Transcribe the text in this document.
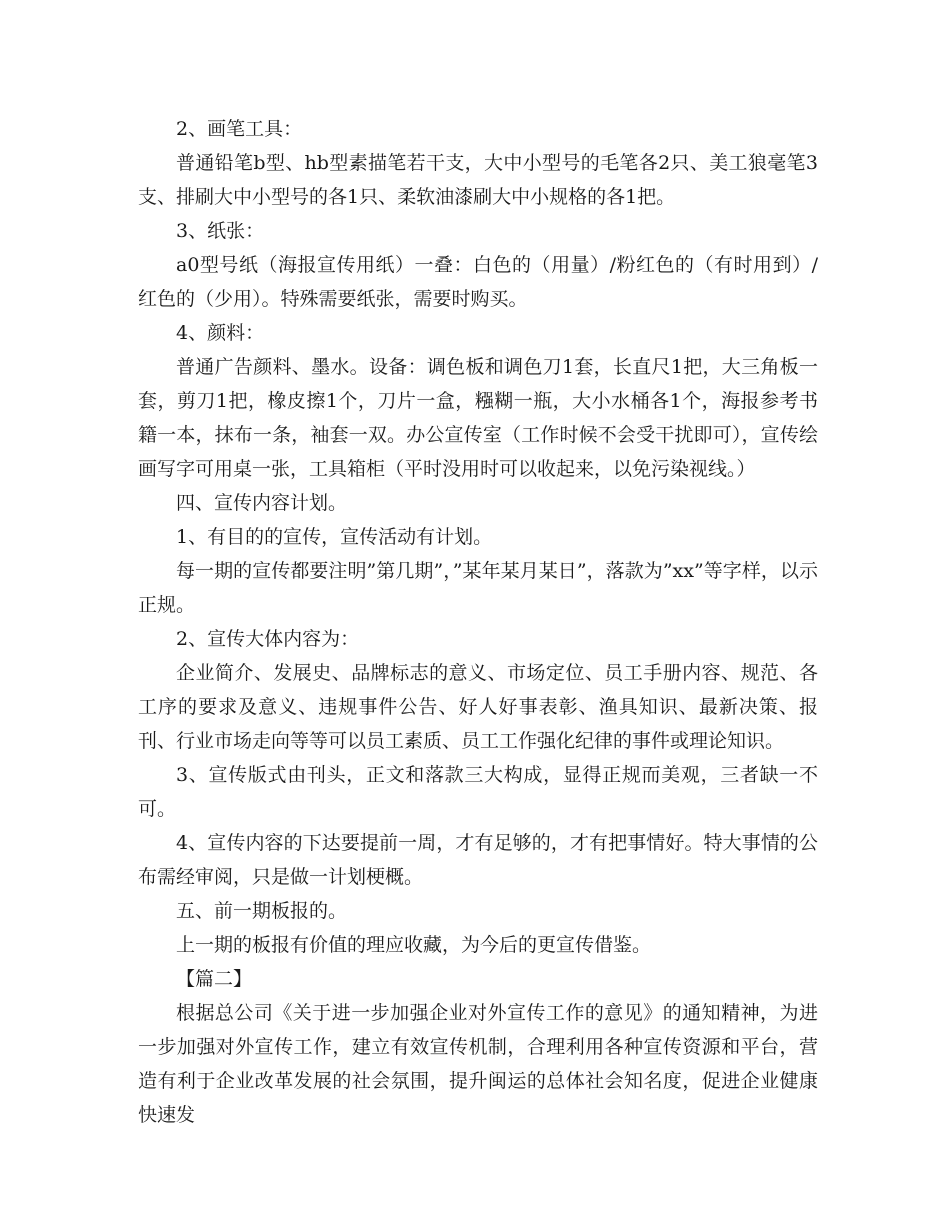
2、画笔工具：

普通铅笔b型、hb型素描笔若干支，大中小型号的毛笔各2只、美工狼毫笔3支、排刷大中小型号的各1只、柔软油漆刷大中小规格的各1把。

3、纸张：

a0型号纸（海报宣传用纸）一叠：白色的（用量）/粉红色的（有时用到）/红色的（少用）。特殊需要纸张，需要时购买。

4、颜料：

普通广告颜料、墨水。设备：调色板和调色刀1套，长直尺1把，大三角板一套，剪刀1把，橡皮擦1个，刀片一盒，糨糊一瓶，大小水桶各1个，海报参考书籍一本，抹布一条，袖套一双。办公宣传室（工作时候不会受干扰即可），宣传绘画写字可用桌一张，工具箱柜（平时没用时可以收起来，以免污染视线。）

四、宣传内容计划。

1、有目的的宣传，宣传活动有计划。

每一期的宣传都要注明”第几期”，”某年某月某日”，落款为”xx”等字样，以示正规。

2、宣传大体内容为：

企业简介、发展史、品牌标志的意义、市场定位、员工手册内容、规范、各工序的要求及意义、违规事件公告、好人好事表彰、渔具知识、最新决策、报刊、行业市场走向等等可以员工素质、员工工作强化纪律的事件或理论知识。

3、宣传版式由刊头，正文和落款三大构成，显得正规而美观，三者缺一不可。

4、宣传内容的下达要提前一周，才有足够的，才有把事情好。特大事情的公布需经审阅，只是做一计划梗概。

五、前一期板报的。

上一期的板报有价值的理应收藏，为今后的更宣传借鉴。

【篇二】

根据总公司《关于进一步加强企业对外宣传工作的意见》的通知精神，为进一步加强对外宣传工作，建立有效宣传机制，合理利用各种宣传资源和平台，营造有利于企业改革发展的社会氛围，提升闽运的总体社会知名度，促进企业健康快速发
